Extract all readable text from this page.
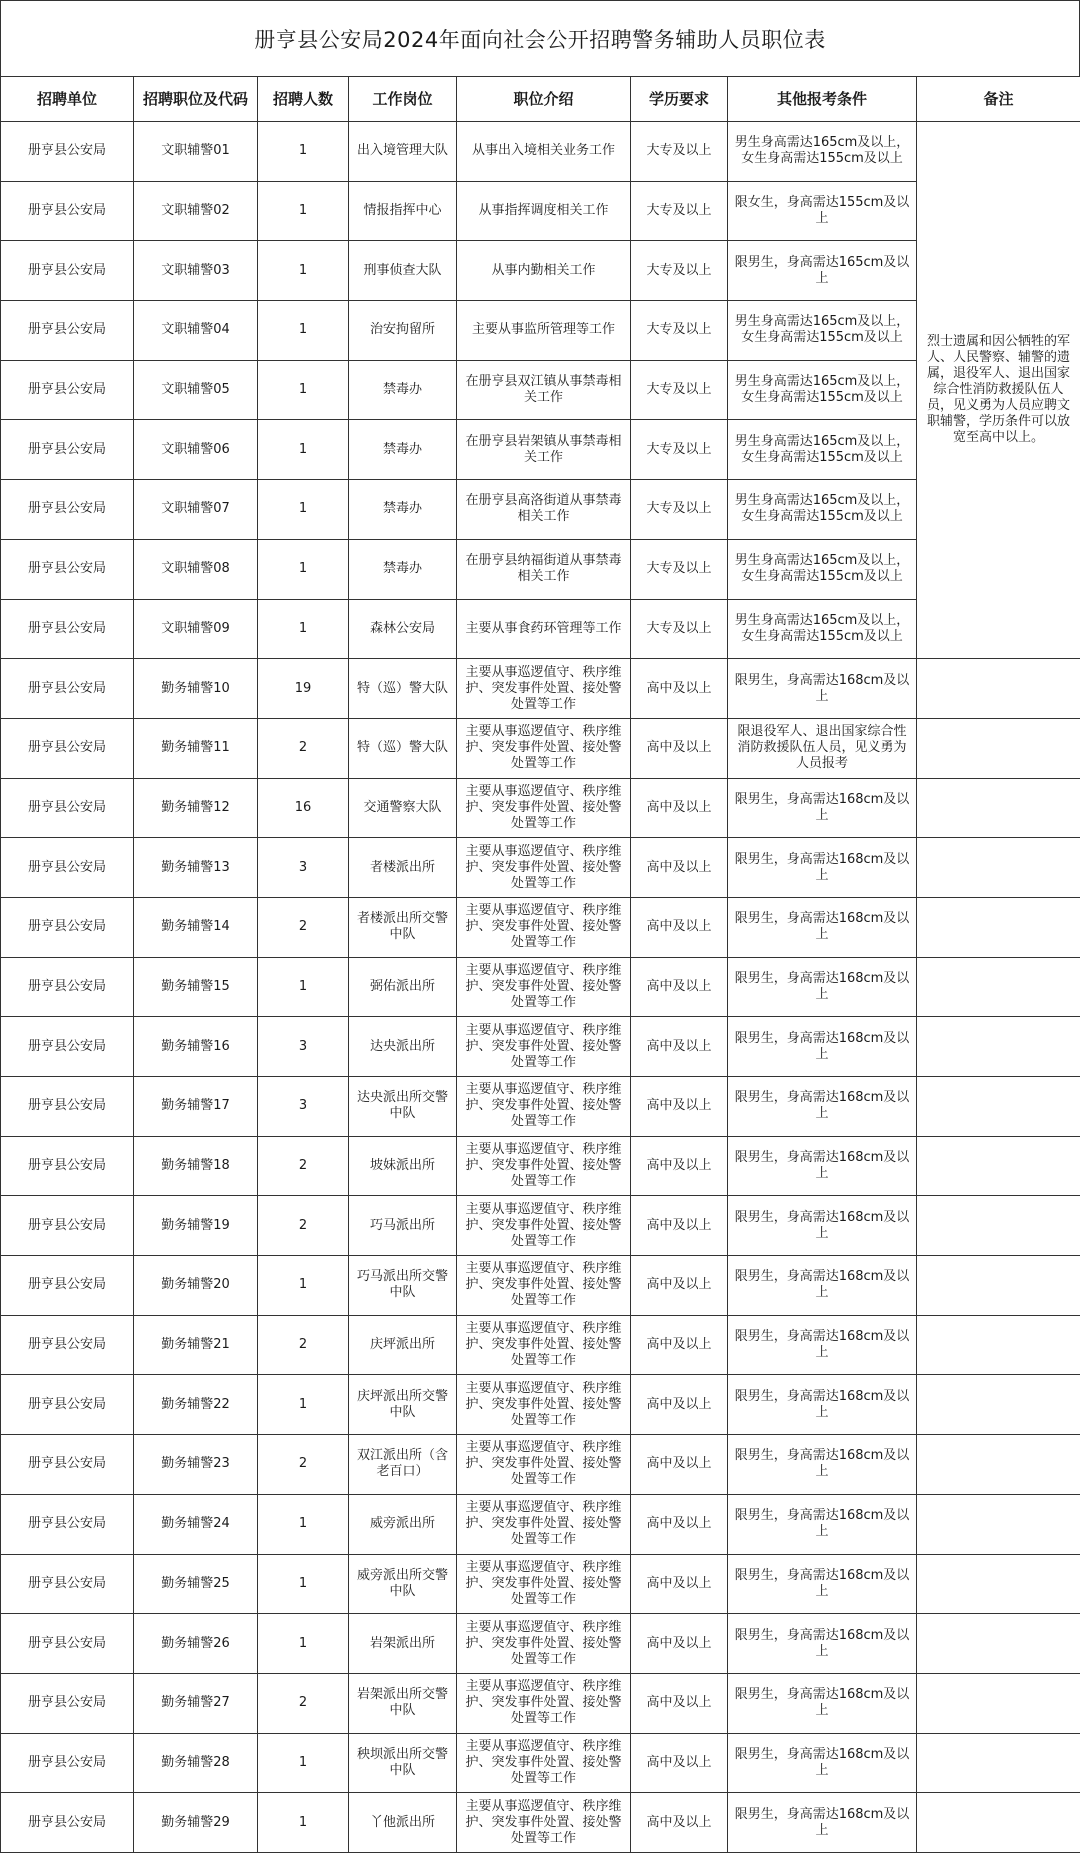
册亨县公安局2024年面向社会公开招聘警务辅助人员职位表
招聘单位	招聘职位及代码	招聘人数	工作岗位	职位介绍	学历要求	其他报考条件	备注
册亨县公安局	文职辅警01	1	出入境管理大队	从事出入境相关业务工作	大专及以上	男生身高需达165cm及以上，女生身高需达155cm及以上	烈士遗属和因公牺牲的军人、人民警察、辅警的遗属，退役军人、退出国家综合性消防救援队伍人员，见义勇为人员应聘文职辅警，学历条件可以放宽至高中以上。
册亨县公安局	文职辅警02	1	情报指挥中心	从事指挥调度相关工作	大专及以上	限女生，身高需达155cm及以上	
册亨县公安局	文职辅警03	1	刑事侦查大队	从事内勤相关工作	大专及以上	限男生，身高需达165cm及以上	
册亨县公安局	文职辅警04	1	治安拘留所	主要从事监所管理等工作	大专及以上	男生身高需达165cm及以上，女生身高需达155cm及以上	
册亨县公安局	文职辅警05	1	禁毒办	在册亨县双江镇从事禁毒相关工作	大专及以上	男生身高需达165cm及以上，女生身高需达155cm及以上	
册亨县公安局	文职辅警06	1	禁毒办	在册亨县岩架镇从事禁毒相关工作	大专及以上	男生身高需达165cm及以上，女生身高需达155cm及以上	
册亨县公安局	文职辅警07	1	禁毒办	在册亨县高洛街道从事禁毒相关工作	大专及以上	男生身高需达165cm及以上，女生身高需达155cm及以上	
册亨县公安局	文职辅警08	1	禁毒办	在册亨县纳福街道从事禁毒相关工作	大专及以上	男生身高需达165cm及以上，女生身高需达155cm及以上	
册亨县公安局	文职辅警09	1	森林公安局	主要从事食药环管理等工作	大专及以上	男生身高需达165cm及以上，女生身高需达155cm及以上	
册亨县公安局	勤务辅警10	19	特（巡）警大队	主要从事巡逻值守、秩序维护、突发事件处置、接处警处置等工作	高中及以上	限男生，身高需达168cm及以上	
册亨县公安局	勤务辅警11	2	特（巡）警大队	主要从事巡逻值守、秩序维护、突发事件处置、接处警处置等工作	高中及以上	限退役军人、退出国家综合性消防救援队伍人员，见义勇为人员报考	
册亨县公安局	勤务辅警12	16	交通警察大队	主要从事巡逻值守、秩序维护、突发事件处置、接处警处置等工作	高中及以上	限男生，身高需达168cm及以上	
册亨县公安局	勤务辅警13	3	者楼派出所	主要从事巡逻值守、秩序维护、突发事件处置、接处警处置等工作	高中及以上	限男生，身高需达168cm及以上	
册亨县公安局	勤务辅警14	2	者楼派出所交警中队	主要从事巡逻值守、秩序维护、突发事件处置、接处警处置等工作	高中及以上	限男生，身高需达168cm及以上	
册亨县公安局	勤务辅警15	1	弼佑派出所	主要从事巡逻值守、秩序维护、突发事件处置、接处警处置等工作	高中及以上	限男生，身高需达168cm及以上	
册亨县公安局	勤务辅警16	3	达央派出所	主要从事巡逻值守、秩序维护、突发事件处置、接处警处置等工作	高中及以上	限男生，身高需达168cm及以上	
册亨县公安局	勤务辅警17	3	达央派出所交警中队	主要从事巡逻值守、秩序维护、突发事件处置、接处警处置等工作	高中及以上	限男生，身高需达168cm及以上	
册亨县公安局	勤务辅警18	2	坡妹派出所	主要从事巡逻值守、秩序维护、突发事件处置、接处警处置等工作	高中及以上	限男生，身高需达168cm及以上	
册亨县公安局	勤务辅警19	2	巧马派出所	主要从事巡逻值守、秩序维护、突发事件处置、接处警处置等工作	高中及以上	限男生，身高需达168cm及以上	
册亨县公安局	勤务辅警20	1	巧马派出所交警中队	主要从事巡逻值守、秩序维护、突发事件处置、接处警处置等工作	高中及以上	限男生，身高需达168cm及以上	
册亨县公安局	勤务辅警21	2	庆坪派出所	主要从事巡逻值守、秩序维护、突发事件处置、接处警处置等工作	高中及以上	限男生，身高需达168cm及以上	
册亨县公安局	勤务辅警22	1	庆坪派出所交警中队	主要从事巡逻值守、秩序维护、突发事件处置、接处警处置等工作	高中及以上	限男生，身高需达168cm及以上	
册亨县公安局	勤务辅警23	2	双江派出所（含老百口）	主要从事巡逻值守、秩序维护、突发事件处置、接处警处置等工作	高中及以上	限男生，身高需达168cm及以上	
册亨县公安局	勤务辅警24	1	威旁派出所	主要从事巡逻值守、秩序维护、突发事件处置、接处警处置等工作	高中及以上	限男生，身高需达168cm及以上	
册亨县公安局	勤务辅警25	1	威旁派出所交警中队	主要从事巡逻值守、秩序维护、突发事件处置、接处警处置等工作	高中及以上	限男生，身高需达168cm及以上	
册亨县公安局	勤务辅警26	1	岩架派出所	主要从事巡逻值守、秩序维护、突发事件处置、接处警处置等工作	高中及以上	限男生，身高需达168cm及以上	
册亨县公安局	勤务辅警27	2	岩架派出所交警中队	主要从事巡逻值守、秩序维护、突发事件处置、接处警处置等工作	高中及以上	限男生，身高需达168cm及以上	
册亨县公安局	勤务辅警28	1	秧坝派出所交警中队	主要从事巡逻值守、秩序维护、突发事件处置、接处警处置等工作	高中及以上	限男生，身高需达168cm及以上	
册亨县公安局	勤务辅警29	1	丫他派出所	主要从事巡逻值守、秩序维护、突发事件处置、接处警处置等工作	高中及以上	限男生，身高需达168cm及以上	
